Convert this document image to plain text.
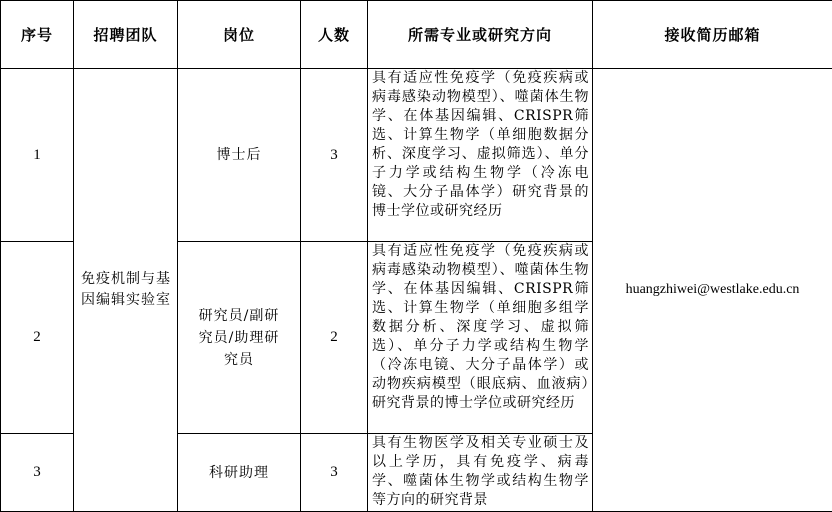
序号	招聘团队	岗位	人数	所需专业或研究方向	接收简历邮箱
1	免疫机制与基因编辑实验室	博士后	3	具有适应性免疫学（免疫疾病或病毒感染动物模型）、噬菌体生物学、在体基因编辑、CRISPR筛选、计算生物学（单细胞数据分析、深度学习、虚拟筛选）、单分子力学或结构生物学（冷冻电镜、大分子晶体学）研究背景的博士学位或研究经历	huangzhiwei@westlake.edu.cn
2		研究员/副研究员/助理研究员	2	具有适应性免疫学（免疫疾病或病毒感染动物模型）、噬菌体生物学、在体基因编辑、CRISPR筛选、计算生物学（单细胞多组学数据分析、深度学习、虚拟筛选）、单分子力学或结构生物学（冷冻电镜、大分子晶体学）或动物疾病模型（眼底病、血液病）研究背景的博士学位或研究经历	
3		科研助理	3	具有生物医学及相关专业硕士及以上学历，具有免疫学、病毒学、噬菌体生物学或结构生物学等方向的研究背景	
